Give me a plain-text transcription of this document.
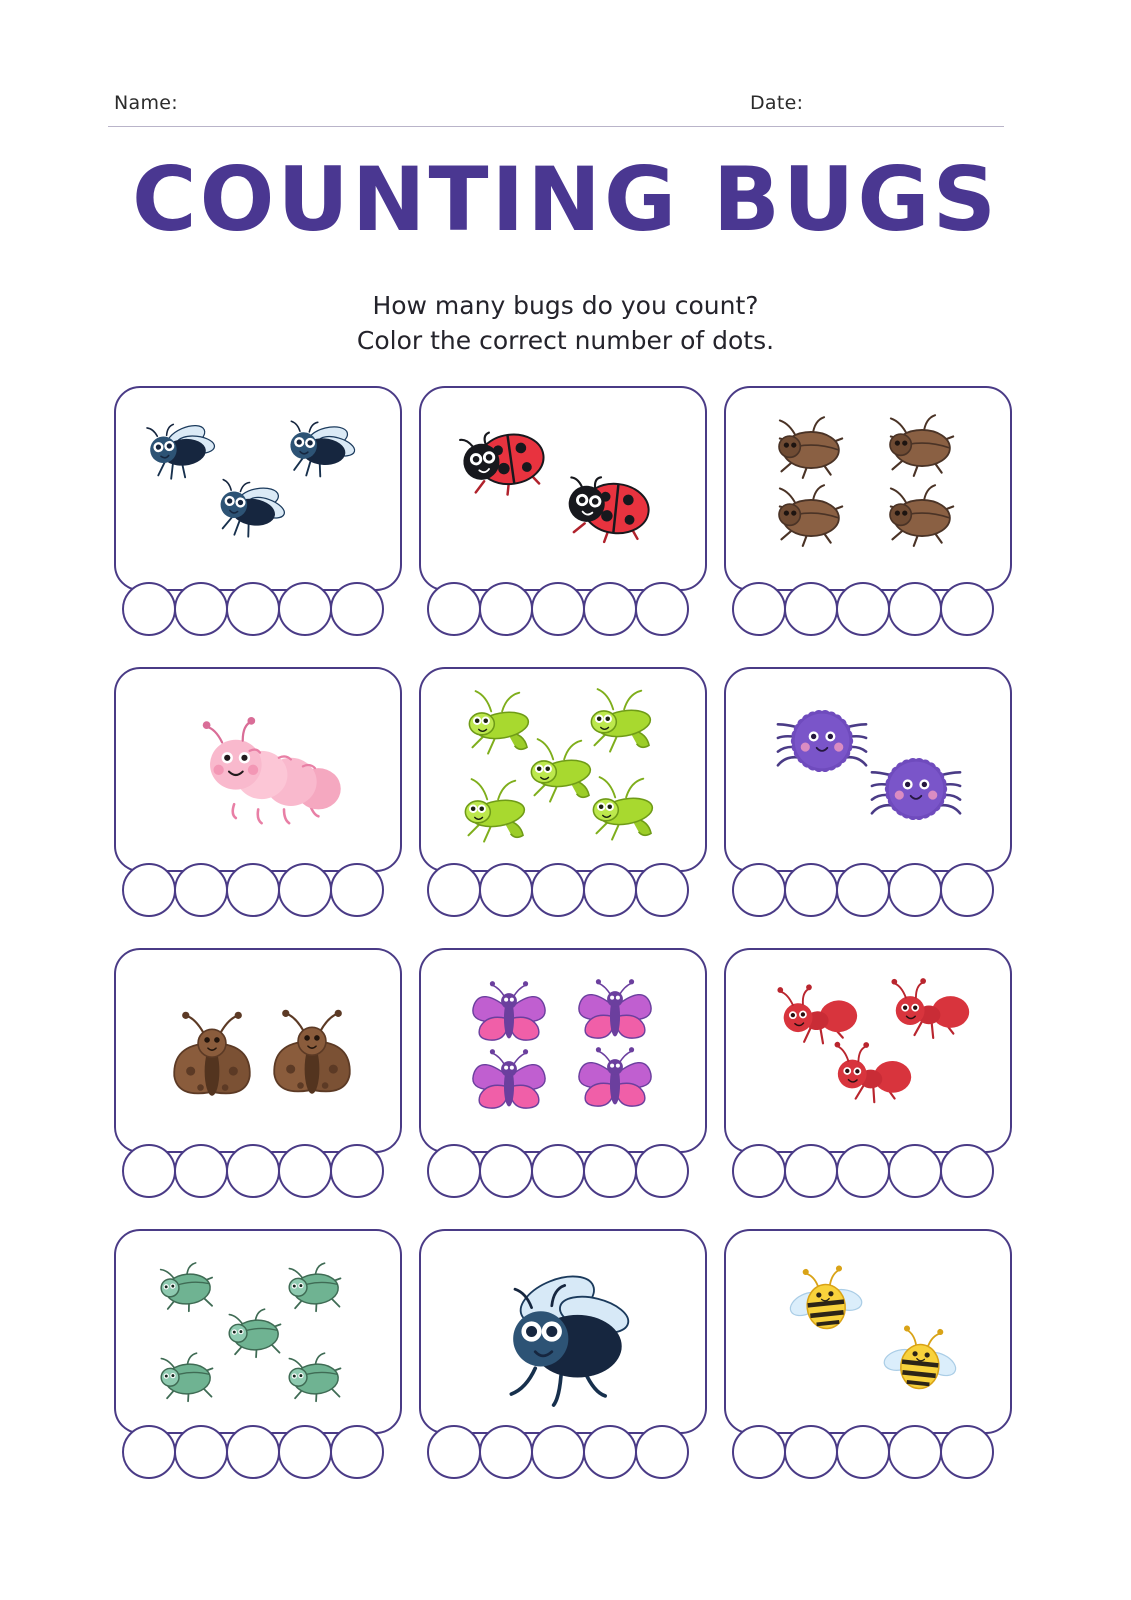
Name:	Date:
COUNTING BUGS
How many bugs do you count?
Color the correct number of dots.
